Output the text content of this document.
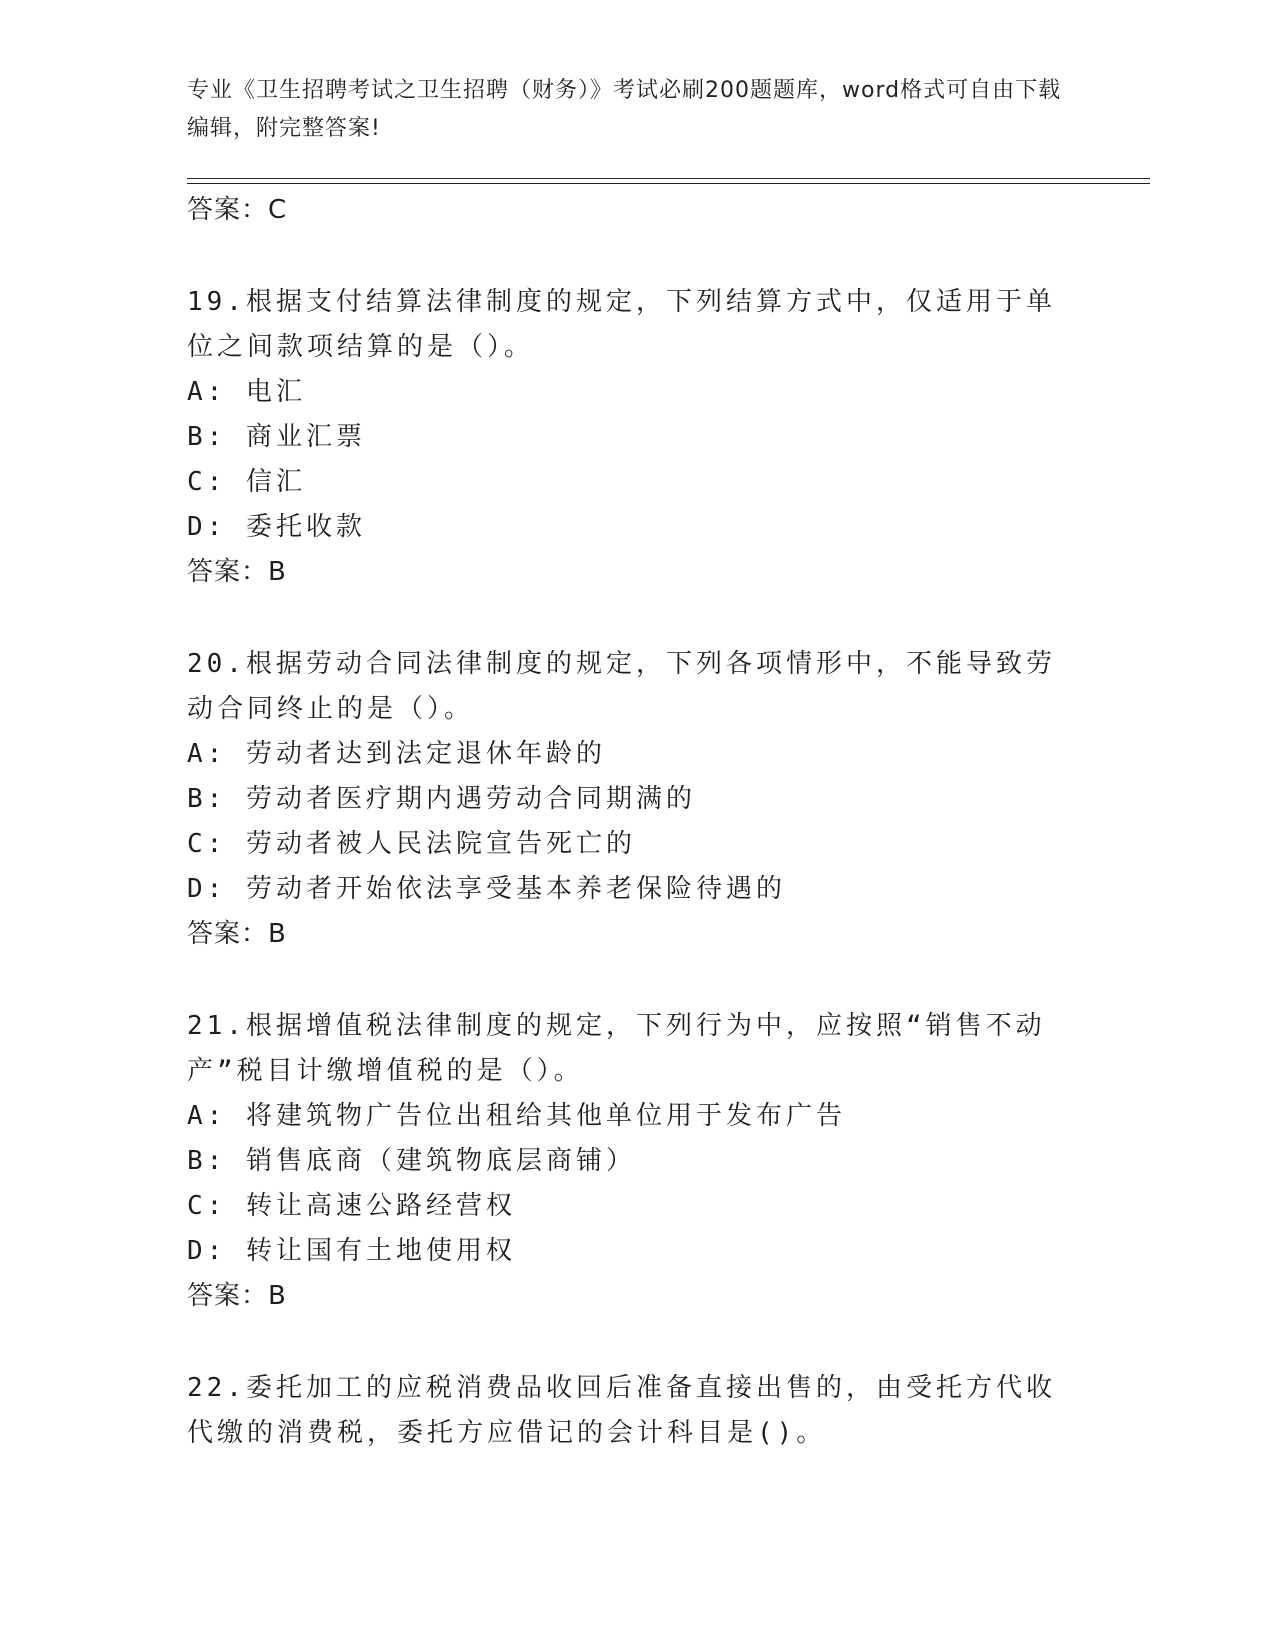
专业《卫生招聘考试之卫生招聘（财务）》考试必刷200题题库，word格式可自由下载编辑，附完整答案!
答案：C
19.根据支付结算法律制度的规定，下列结算方式中，仅适用于单位之间款项结算的是（）。
A: 电汇
B: 商业汇票
C: 信汇
D: 委托收款
答案：B
20.根据劳动合同法律制度的规定，下列各项情形中，不能导致劳动合同终止的是（）。
A: 劳动者达到法定退休年龄的
B: 劳动者医疗期内遇劳动合同期满的
C: 劳动者被人民法院宣告死亡的
D: 劳动者开始依法享受基本养老保险待遇的
答案：B
21.根据增值税法律制度的规定，下列行为中，应按照“销售不动产”税目计缴增值税的是（）。
A: 将建筑物广告位出租给其他单位用于发布广告
B: 销售底商（建筑物底层商铺）
C: 转让高速公路经营权
D: 转让国有土地使用权
答案：B
22.委托加工的应税消费品收回后准备直接出售的，由受托方代收代缴的消费税，委托方应借记的会计科目是()。
